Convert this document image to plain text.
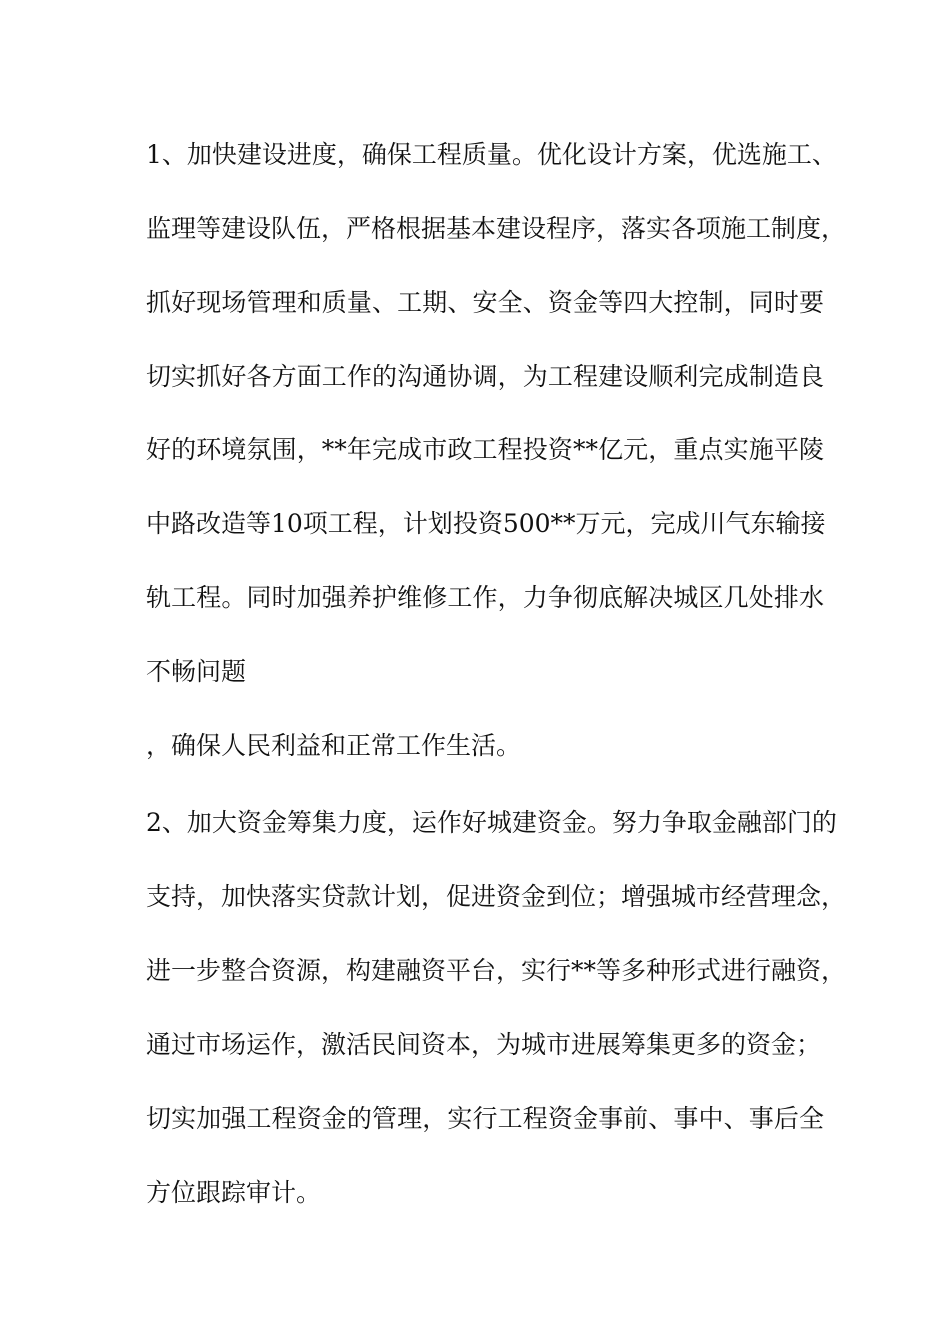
1、加快建设进度，确保工程质量。优化设计方案，优选施工、
监理等建设队伍，严格根据基本建设程序，落实各项施工制度，
抓好现场管理和质量、工期、安全、资金等四大控制，同时要
切实抓好各方面工作的沟通协调，为工程建设顺利完成制造良
好的环境氛围，**年完成市政工程投资**亿元，重点实施平陵
中路改造等10项工程，计划投资500**万元，完成川气东输接
轨工程。同时加强养护维修工作，力争彻底解决城区几处排水
不畅问题
，确保人民利益和正常工作生活。
2、加大资金筹集力度，运作好城建资金。努力争取金融部门的
支持，加快落实贷款计划，促进资金到位；增强城市经营理念，
进一步整合资源，构建融资平台，实行**等多种形式进行融资，
通过市场运作，激活民间资本，为城市进展筹集更多的资金；
切实加强工程资金的管理，实行工程资金事前、事中、事后全
方位跟踪审计。
